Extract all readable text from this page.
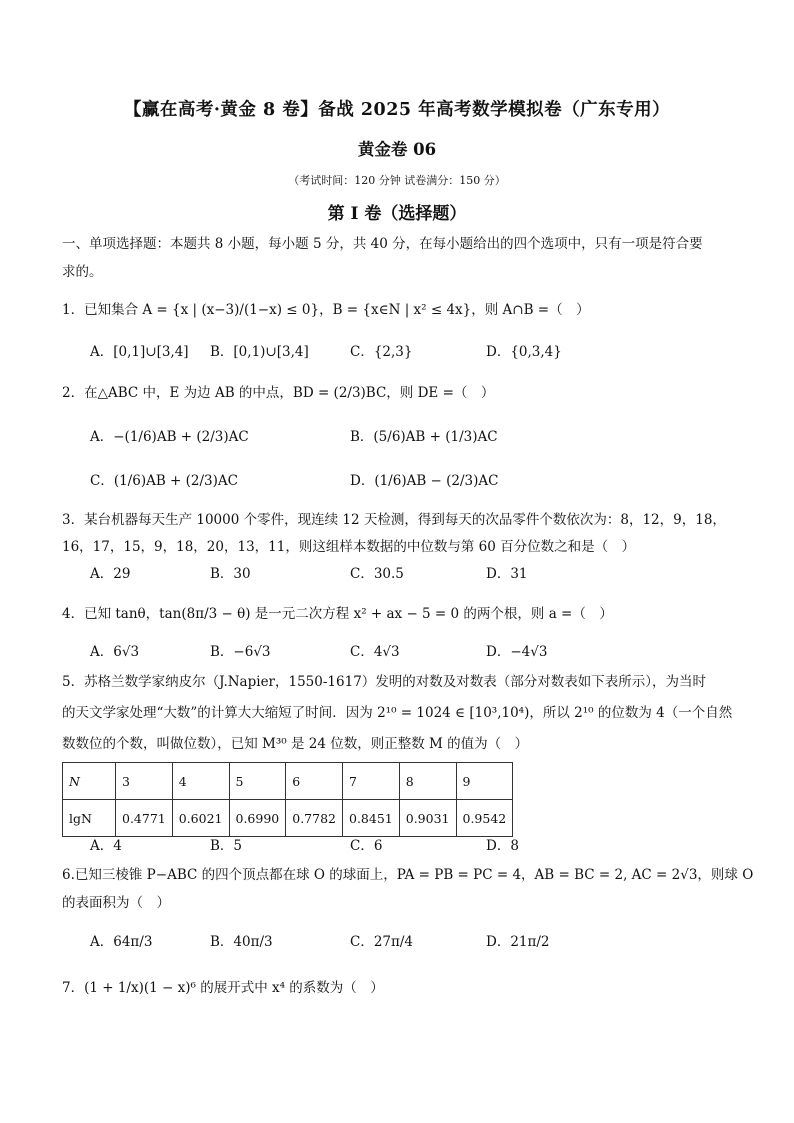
【赢在高考·黄金 8 卷】备战 2025 年高考数学模拟卷（广东专用）
黄金卷 06
（考试时间：120 分钟 试卷满分：150 分）
第 I 卷（选择题）
一、单项选择题：本题共 8 小题，每小题 5 分，共 40 分，在每小题给出的四个选项中，只有一项是符合要
求的。
1．已知集合 A = {x | (x−3)/(1−x) ≤ 0}，B = {x∈N | x² ≤ 4x}，则 A∩B =（　）
A．[0,1]∪[3,4] B．[0,1)∪[3,4]	C．{2,3}	D．{0,3,4}
2．在△ABC 中，E 为边 AB 的中点，BD = (2/3)BC，则 DE =（　）
A．−(1/6)AB + (2/3)AC	B．(5/6)AB + (1/3)AC
C．(1/6)AB + (2/3)AC	D．(1/6)AB − (2/3)AC
3．某台机器每天生产 10000 个零件，现连续 12 天检测，得到每天的次品零件个数依次为：8，12，9，18，
16，17，15，9，18，20，13，11，则这组样本数据的中位数与第 60 百分位数之和是（　）
A．29	B．30	C．30.5	D．31
4．已知 tanθ，tan(8π/3 − θ) 是一元二次方程 x² + ax − 5 = 0 的两个根，则 a =（　）
A．6√3	B．−6√3	C．4√3	D．−4√3
5．苏格兰数学家纳皮尔（J.Napier，1550-1617）发明的对数及对数表（部分对数表如下表所示），为当时
的天文学家处理“大数”的计算大大缩短了时间．因为 2¹⁰ = 1024 ∈ [10³,10⁴)，所以 2¹⁰ 的位数为 4（一个自然
数数位的个数，叫做位数），已知 M³⁰ 是 24 位数，则正整数 M 的值为（　）
N	3	4	5	6	7	8	9
lgN	0.4771	0.6021	0.6990	0.7782	0.8451	0.9031	0.9542
A．4	B．5	C．6	D．8
6.已知三棱锥 P−ABC 的四个顶点都在球 O 的球面上，PA = PB = PC = 4，AB = BC = 2, AC = 2√3，则球 O
的表面积为（　）
A．64π/3	B．40π/3	C．27π/4	D．21π/2
7．(1 + 1/x)(1 − x)⁶ 的展开式中 x⁴ 的系数为（　）
